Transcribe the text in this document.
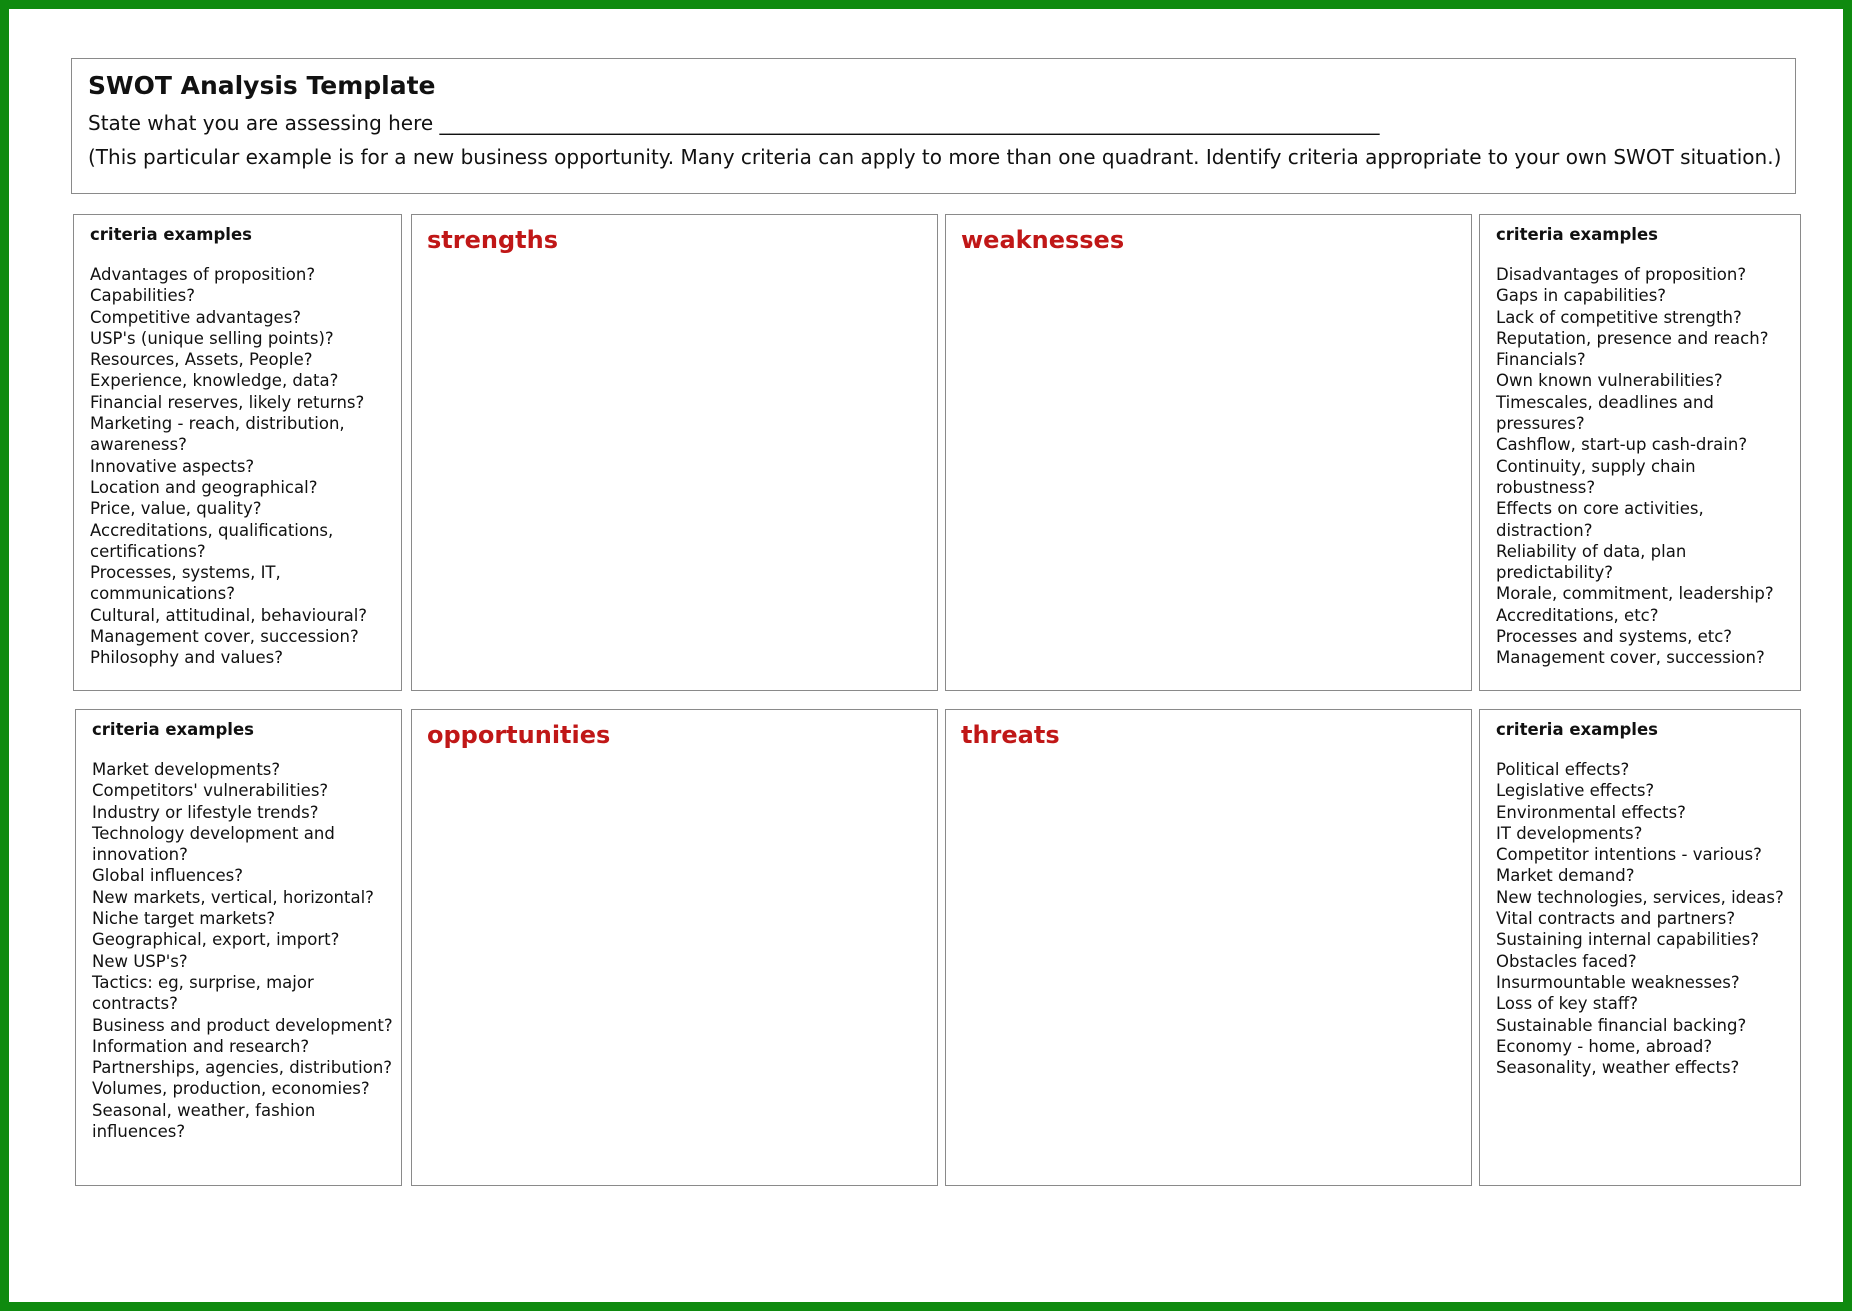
SWOT Analysis Template
State what you are assessing here ______________________________________________________________________________________________
(This particular example is for a new business opportunity. Many criteria can apply to more than one quadrant. Identify criteria appropriate to your own SWOT situation.)
criteria examples
Advantages of proposition?
Capabilities?
Competitive advantages?
USP's (unique selling points)?
Resources, Assets, People?
Experience, knowledge, data?
Financial reserves, likely returns?
Marketing - reach, distribution,
awareness?
Innovative aspects?
Location and geographical?
Price, value, quality?
Accreditations, qualifications,
certifications?
Processes, systems, IT,
communications?
Cultural, attitudinal, behavioural?
Management cover, succession?
Philosophy and values?
strengths	weaknesses	criteria examples
Disadvantages of proposition?
Gaps in capabilities?
Lack of competitive strength?
Reputation, presence and reach?
Financials?
Own known vulnerabilities?
Timescales, deadlines and
pressures?
Cashflow, start-up cash-drain?
Continuity, supply chain
robustness?
Effects on core activities,
distraction?
Reliability of data, plan
predictability?
Morale, commitment, leadership?
Accreditations, etc?
Processes and systems, etc?
Management cover, succession?
criteria examples
Market developments?
Competitors' vulnerabilities?
Industry or lifestyle trends?
Technology development and
innovation?
Global influences?
New markets, vertical, horizontal?
Niche target markets?
Geographical, export, import?
New USP's?
Tactics: eg, surprise, major
contracts?
Business and product development?
Information and research?
Partnerships, agencies, distribution?
Volumes, production, economies?
Seasonal, weather, fashion
influences?
opportunities	threats	criteria examples
Political effects?
Legislative effects?
Environmental effects?
IT developments?
Competitor intentions - various?
Market demand?
New technologies, services, ideas?
Vital contracts and partners?
Sustaining internal capabilities?
Obstacles faced?
Insurmountable weaknesses?
Loss of key staff?
Sustainable financial backing?
Economy - home, abroad?
Seasonality, weather effects?
